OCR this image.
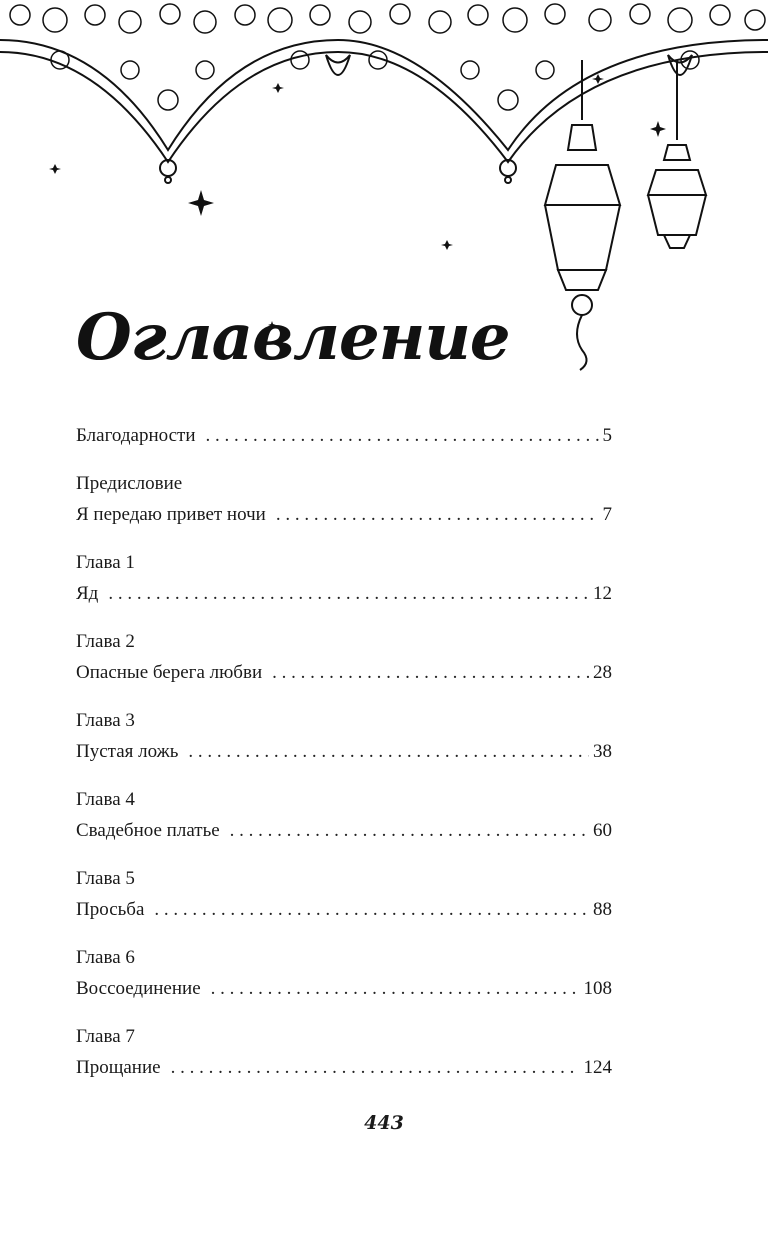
Оглавление
Благодарности . . .	5
Предисловие
Я передаю привет ночи . . .	7
Глава 1
Яд . . .	12
Глава 2
Опасные берега любви . . .	28
Глава 3
Пустая ложь . . .	38
Глава 4
Свадебное платье . . .	60
Глава 5
Просьба . . .	88
Глава 6
Воссоединение . . .	108
Глава 7
Прощание . . .	124
443
